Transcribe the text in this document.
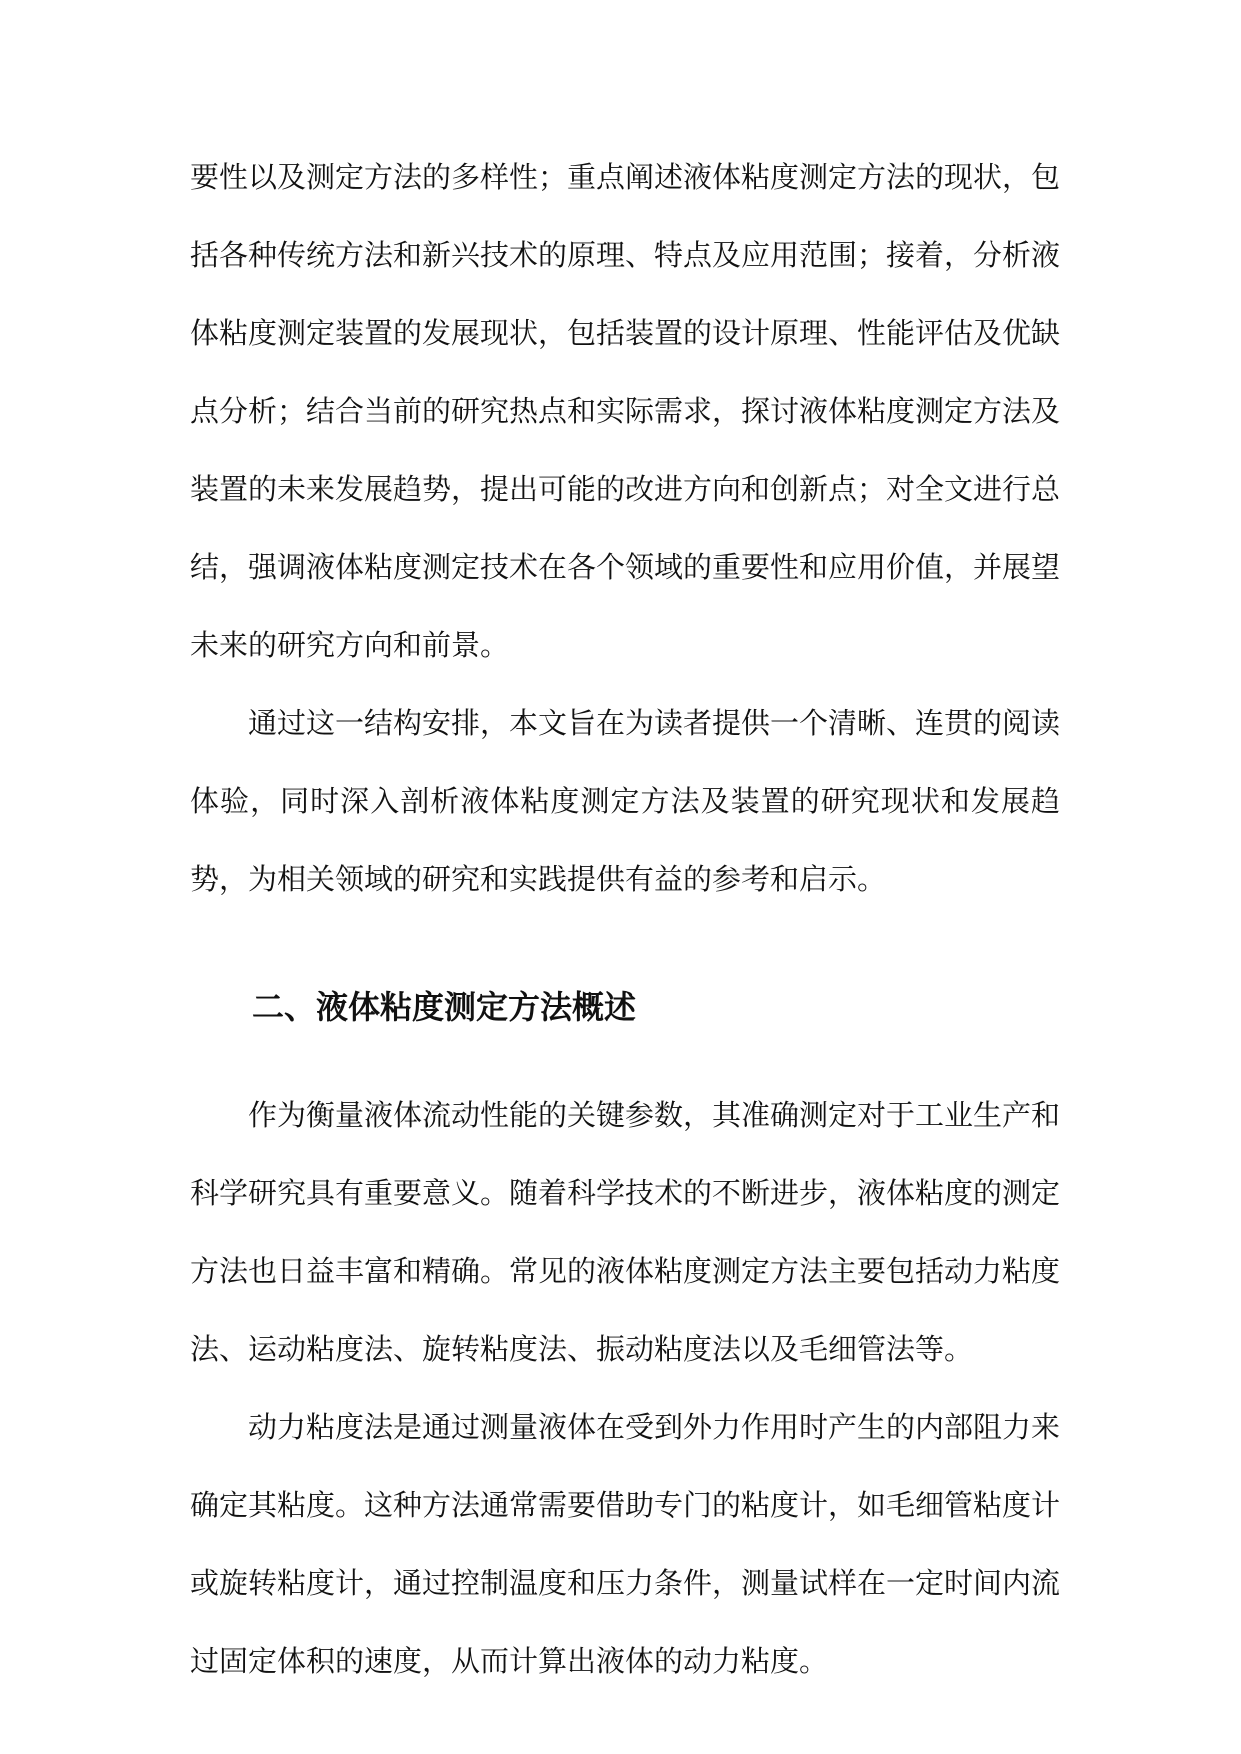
要性以及测定方法的多样性；重点阐述液体粘度测定方法的现状，包括各种传统方法和新兴技术的原理、特点及应用范围；接着，分析液体粘度测定装置的发展现状，包括装置的设计原理、性能评估及优缺点分析；结合当前的研究热点和实际需求，探讨液体粘度测定方法及装置的未来发展趋势，提出可能的改进方向和创新点；对全文进行总结，强调液体粘度测定技术在各个领域的重要性和应用价值，并展望未来的研究方向和前景。

通过这一结构安排，本文旨在为读者提供一个清晰、连贯的阅读体验，同时深入剖析液体粘度测定方法及装置的研究现状和发展趋势，为相关领域的研究和实践提供有益的参考和启示。

二、液体粘度测定方法概述

作为衡量液体流动性能的关键参数，其准确测定对于工业生产和科学研究具有重要意义。随着科学技术的不断进步，液体粘度的测定方法也日益丰富和精确。常见的液体粘度测定方法主要包括动力粘度法、运动粘度法、旋转粘度法、振动粘度法以及毛细管法等。

动力粘度法是通过测量液体在受到外力作用时产生的内部阻力来确定其粘度。这种方法通常需要借助专门的粘度计，如毛细管粘度计或旋转粘度计，通过控制温度和压力条件，测量试样在一定时间内流过固定体积的速度，从而计算出液体的动力粘度。
